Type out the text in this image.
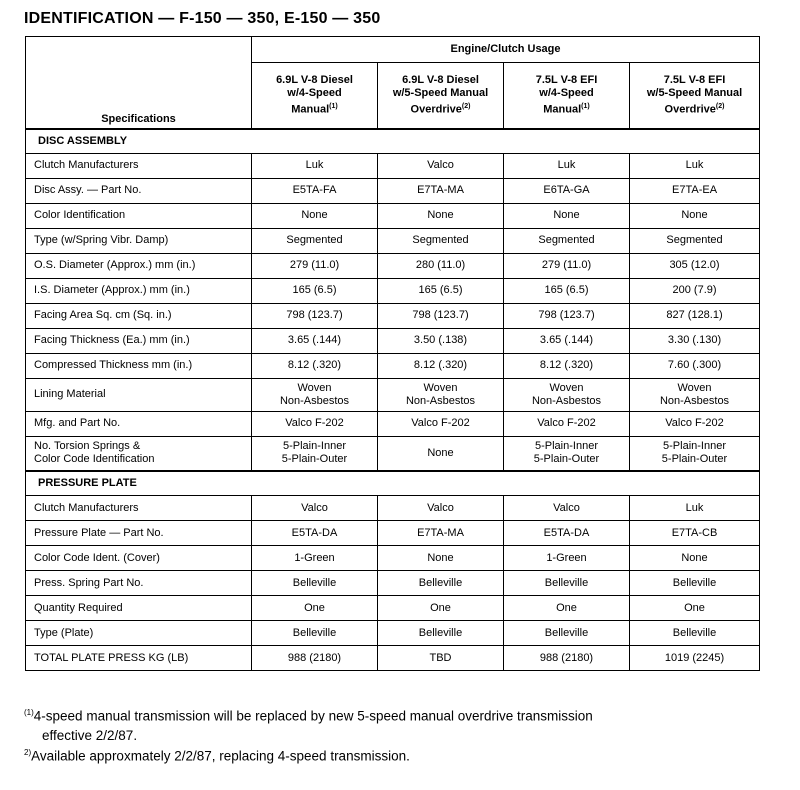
IDENTIFICATION — F-150 — 350, E-150 — 350
Specifications	Engine/Clutch Usage			
	6.9L V-8 Diesel
w/4-Speed
Manual$^{(1)}$	6.9L V-8 Diesel
w/5-Speed Manual
Overdrive$^{(2)}$	7.5L V-8 EFI
w/4-Speed
Manual$^{(1)}$	7.5L V-8 EFI
w/5-Speed Manual
Overdrive$^{(2)}$
DISC ASSEMBLY				
Clutch Manufacturers	Luk	Valco	Luk	Luk
Disc Assy. — Part No.	E5TA-FA	E7TA-MA	E6TA-GA	E7TA-EA
Color Identification	None	None	None	None
Type (w/Spring Vibr. Damp)	Segmented	Segmented	Segmented	Segmented
O.S. Diameter (Approx.) mm (in.)	279 (11.0)	280 (11.0)	279 (11.0)	305 (12.0)
I.S. Diameter (Approx.) mm (in.)	165 (6.5)	165 (6.5)	165 (6.5)	200 (7.9)
Facing Area Sq. cm (Sq. in.)	798 (123.7)	798 (123.7)	798 (123.7)	827 (128.1)
Facing Thickness (Ea.) mm (in.)	3.65 (.144)	3.50 (.138)	3.65 (.144)	3.30 (.130)
Compressed Thickness mm (in.)	8.12 (.320)	8.12 (.320)	8.12 (.320)	7.60 (.300)
Lining Material	Woven
Non-Asbestos	Woven
Non-Asbestos	Woven
Non-Asbestos	Woven
Non-Asbestos
Mfg. and Part No.	Valco F-202	Valco F-202	Valco F-202	Valco F-202
No. Torsion Springs &
Color Code Identification	5-Plain-Inner
5-Plain-Outer	None	5-Plain-Inner
5-Plain-Outer	5-Plain-Inner
5-Plain-Outer
PRESSURE PLATE				
Clutch Manufacturers	Valco	Valco	Valco	Luk
Pressure Plate — Part No.	E5TA-DA	E7TA-MA	E5TA-DA	E7TA-CB
Color Code Ident. (Cover)	1-Green	None	1-Green	None
Press. Spring Part No.	Belleville	Belleville	Belleville	Belleville
Quantity Required	One	One	One	One
Type (Plate)	Belleville	Belleville	Belleville	Belleville
TOTAL PLATE PRESS KG (LB)	988 (2180)	TBD	988 (2180)	1019 (2245)
$^{(1)}$4-speed manual transmission will be replaced by new 5-speed manual overdrive transmission
effective 2/2/87.
$^{2)}$Available approxmately 2/2/87, replacing 4-speed transmission.
